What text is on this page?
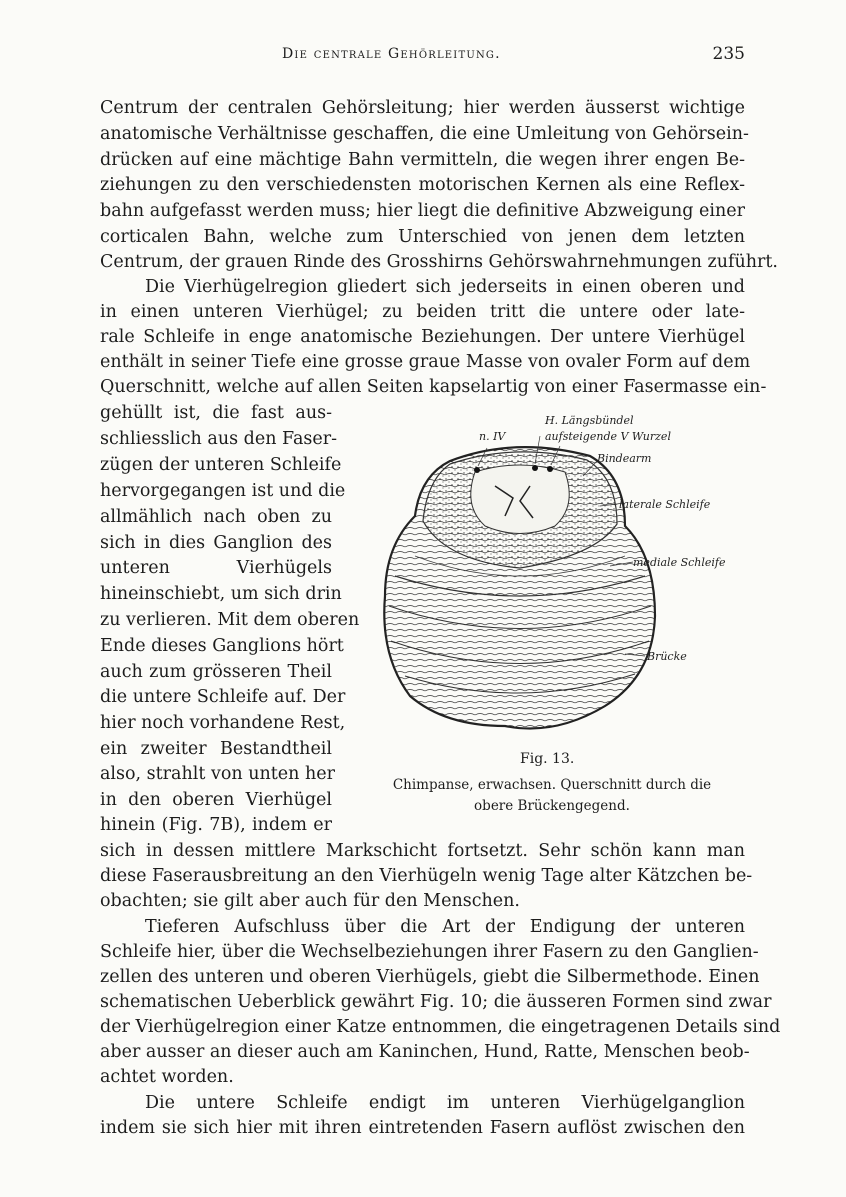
Die centrale Gehörleitung.	235
Centrum der centralen Gehörsleitung; hier werden äusserst wichtige
anatomische Verhältnisse geschaffen, die eine Umleitung von Gehörsein-
drücken auf eine mächtige Bahn vermitteln, die wegen ihrer engen Be-
ziehungen zu den verschiedensten motorischen Kernen als eine Reflex-
bahn aufgefasst werden muss; hier liegt die definitive Abzweigung einer
corticalen Bahn, welche zum Unterschied von jenen dem letzten
Centrum, der grauen Rinde des Grosshirns Gehörswahrnehmungen zuführt.
Die Vierhügelregion gliedert sich jederseits in einen oberen und
in einen unteren Vierhügel; zu beiden tritt die untere oder late-
rale Schleife in enge anatomische Beziehungen. Der untere Vierhügel
enthält in seiner Tiefe eine grosse graue Masse von ovaler Form auf dem
Querschnitt, welche auf allen Seiten kapselartig von einer Fasermasse ein-
gehüllt ist, die fast aus-
schliesslich aus den Faser-
zügen der unteren Schleife
hervorgegangen ist und die
allmählich nach oben zu
sich in dies Ganglion des
unteren Vierhügels
hineinschiebt, um sich drin
zu verlieren. Mit dem oberen
Ende dieses Ganglions hört
auch zum grösseren Theil
die untere Schleife auf. Der
hier noch vorhandene Rest,
ein zweiter Bestandtheil
also, strahlt von unten her
in den oberen Vierhügel
hinein (Fig. 7B), indem er
sich in dessen mittlere Markschicht fortsetzt. Sehr schön kann man
diese Faserausbreitung an den Vierhügeln wenig Tage alter Kätzchen be-
obachten; sie gilt aber auch für den Menschen.
Tieferen Aufschluss über die Art der Endigung der unteren
Schleife hier, über die Wechselbeziehungen ihrer Fasern zu den Ganglien-
zellen des unteren und oberen Vierhügels, giebt die Silbermethode. Einen
schematischen Ueberblick gewährt Fig. 10; die äusseren Formen sind zwar
der Vierhügelregion einer Katze entnommen, die eingetragenen Details sind
aber ausser an dieser auch am Kaninchen, Hund, Ratte, Menschen beob-
achtet worden.
Die untere Schleife endigt im unteren Vierhügelganglion
indem sie sich hier mit ihren eintretenden Fasern auflöst zwischen den
n. IV
H. Längsbündel
aufsteigende V Wurzel
Bindearm
laterale Schleife
mediale Schleife
Brücke
Fig. 13.
Chimpanse, erwachsen. Querschnitt durch die
obere Brückengegend.
